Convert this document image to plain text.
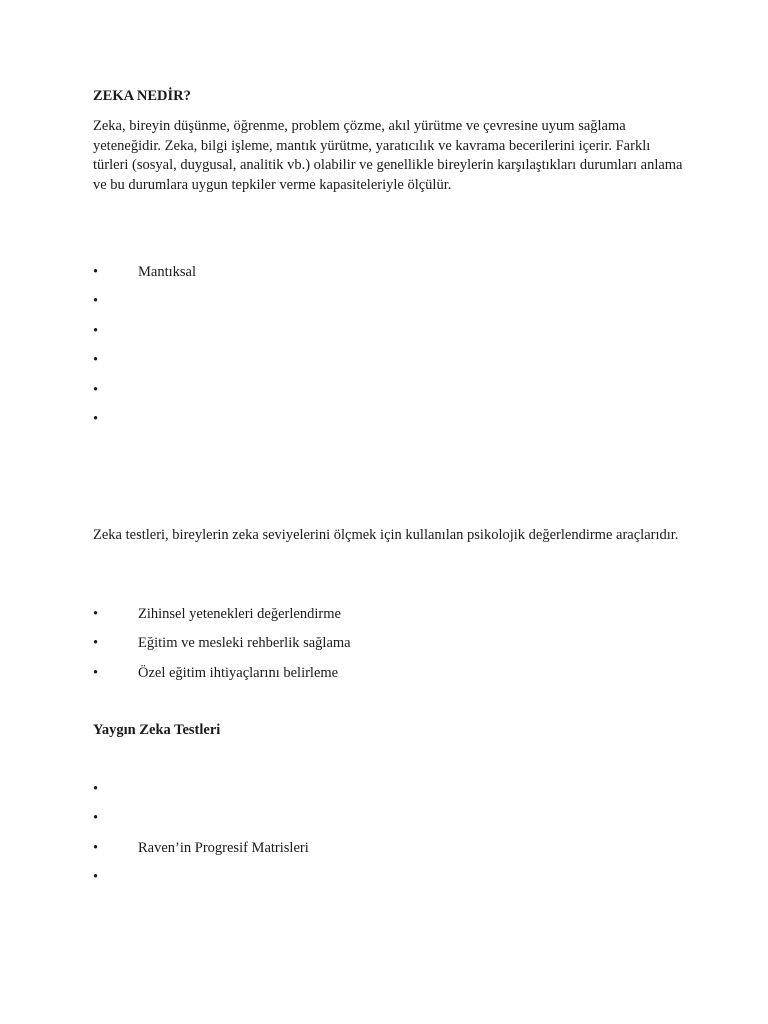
ZEKA NEDİR?

Zeka, bireyin düşünme, öğrenme, problem çözme, akıl yürütme ve çevresine uyum sağlama yeteneğidir. Zeka, bilgi işleme, mantık yürütme, yaratıcılık ve kavrama becerilerini içerir. Farklı türleri (sosyal, duygusal, analitik vb.) olabilir ve genellikle bireylerin karşılaştıkları durumları anlama ve bu durumlara uygun tepkiler verme kapasiteleriyle ölçülür.

•	Mantıksal
•
•
•
•
•

Zeka testleri, bireylerin zeka seviyelerini ölçmek için kullanılan psikolojik değerlendirme araçlarıdır.

•	Zihinsel yetenekleri değerlendirme
•	Eğitim ve mesleki rehberlik sağlama
•	Özel eğitim ihtiyaçlarını belirleme
Yaygın Zeka Testleri
•
•
•	Raven’in Progresif Matrisleri
•
